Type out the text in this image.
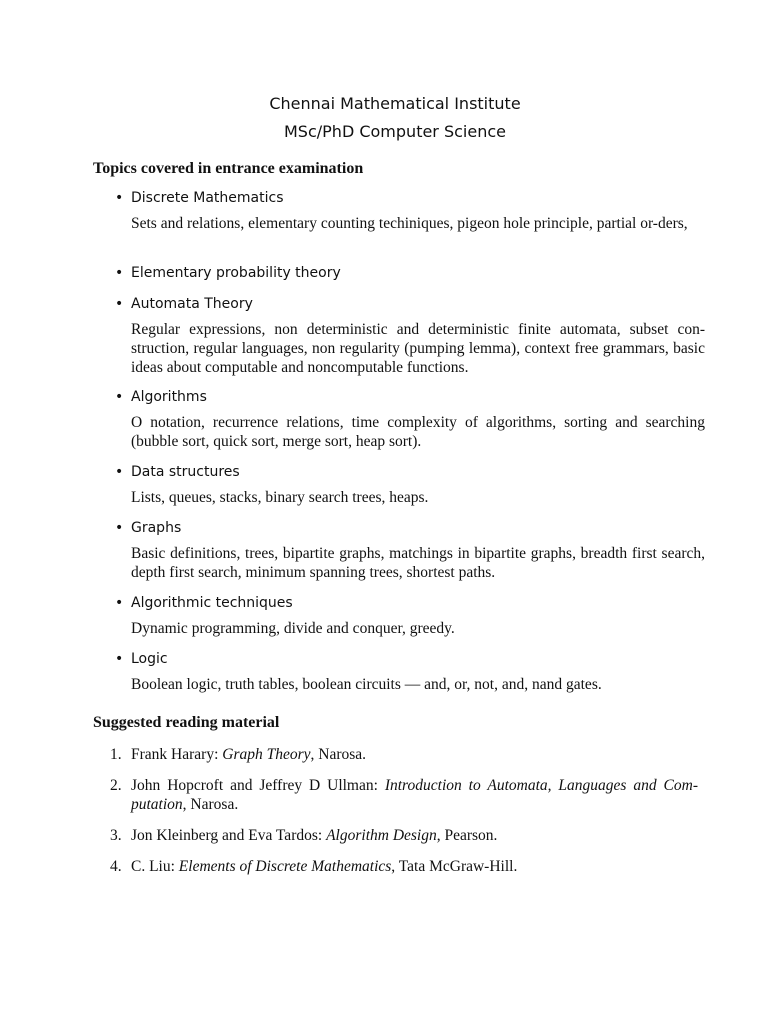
Chennai Mathematical Institute
MSc/PhD Computer Science
Topics covered in entrance examination

• Discrete Mathematics

Sets and relations, elementary counting techiniques, pigeon hole principle, partial or-ders,

• Elementary probability theory

• Automata Theory

Regular expressions, non deterministic and deterministic finite automata, subset con-struction, regular languages, non regularity (pumping lemma), context free grammars, basic ideas about computable and noncomputable functions.

• Algorithms

O notation, recurrence relations, time complexity of algorithms, sorting and searching (bubble sort, quick sort, merge sort, heap sort).

• Data structures

Lists, queues, stacks, binary search trees, heaps.

• Graphs

Basic definitions, trees, bipartite graphs, matchings in bipartite graphs, breadth first search, depth first search, minimum spanning trees, shortest paths.

• Algorithmic techniques

Dynamic programming, divide and conquer, greedy.

• Logic

Boolean logic, truth tables, boolean circuits — and, or, not, and, nand gates.

Suggested reading material
1. Frank Harary: Graph Theory, Narosa.
2. John Hopcroft and Jeffrey D Ullman: Introduction to Automata, Languages and Com-putation, Narosa.
3. Jon Kleinberg and Eva Tardos: Algorithm Design, Pearson.
4. C. Liu: Elements of Discrete Mathematics, Tata McGraw-Hill.
